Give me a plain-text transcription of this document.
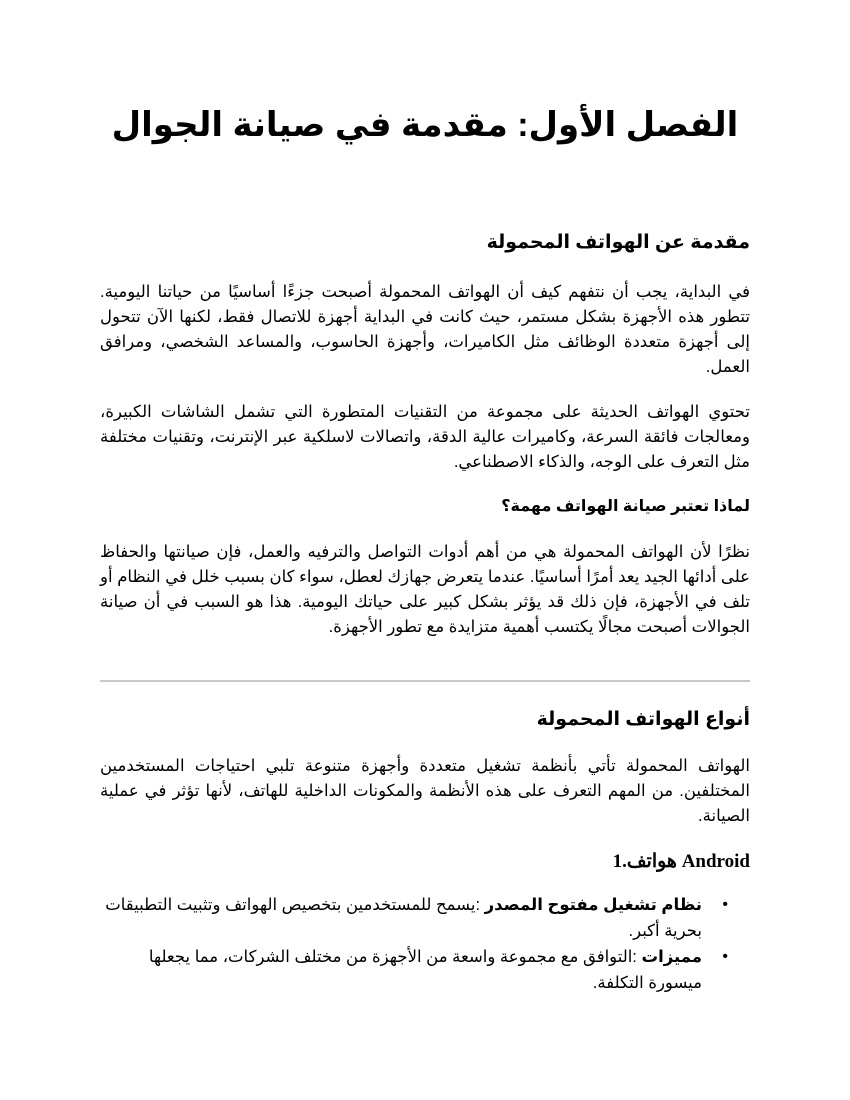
الفصل الأول: مقدمة في صيانة الجوال
مقدمة عن الهواتف المحمولة

في البداية، يجب أن نتفهم كيف أن الهواتف المحمولة أصبحت جزءًا أساسيًا من حياتنا اليومية. تتطور هذه الأجهزة بشكل مستمر، حيث كانت في البداية أجهزة للاتصال فقط، لكنها الآن تتحول إلى أجهزة متعددة الوظائف مثل الكاميرات، وأجهزة الحاسوب، والمساعد الشخصي، ومرافق العمل.

تحتوي الهواتف الحديثة على مجموعة من التقنيات المتطورة التي تشمل الشاشات الكبيرة، ومعالجات فائقة السرعة، وكاميرات عالية الدقة، واتصالات لاسلكية عبر الإنترنت، وتقنيات مختلفة مثل التعرف على الوجه، والذكاء الاصطناعي.

لماذا تعتبر صيانة الهواتف مهمة؟

نظرًا لأن الهواتف المحمولة هي من أهم أدوات التواصل والترفيه والعمل، فإن صيانتها والحفاظ على أدائها الجيد يعد أمرًا أساسيًا. عندما يتعرض جهازك لعطل، سواء كان بسبب خلل في النظام أو تلف في الأجهزة، فإن ذلك قد يؤثر بشكل كبير على حياتك اليومية. هذا هو السبب في أن صيانة الجوالات أصبحت مجالًا يكتسب أهمية متزايدة مع تطور الأجهزة.

أنواع الهواتف المحمولة

الهواتف المحمولة تأتي بأنظمة تشغيل متعددة وأجهزة متنوعة تلبي احتياجات المستخدمين المختلفين. من المهم التعرف على هذه الأنظمة والمكونات الداخلية للهاتف، لأنها تؤثر في عملية الصيانة.

1.هواتف Android
•
نظام تشغيل مفتوح المصدر :يسمح للمستخدمين بتخصيص الهواتف وتثبيت التطبيقات بحرية أكبر.
•
مميزات :التوافق مع مجموعة واسعة من الأجهزة من مختلف الشركات، مما يجعلها ميسورة التكلفة.
